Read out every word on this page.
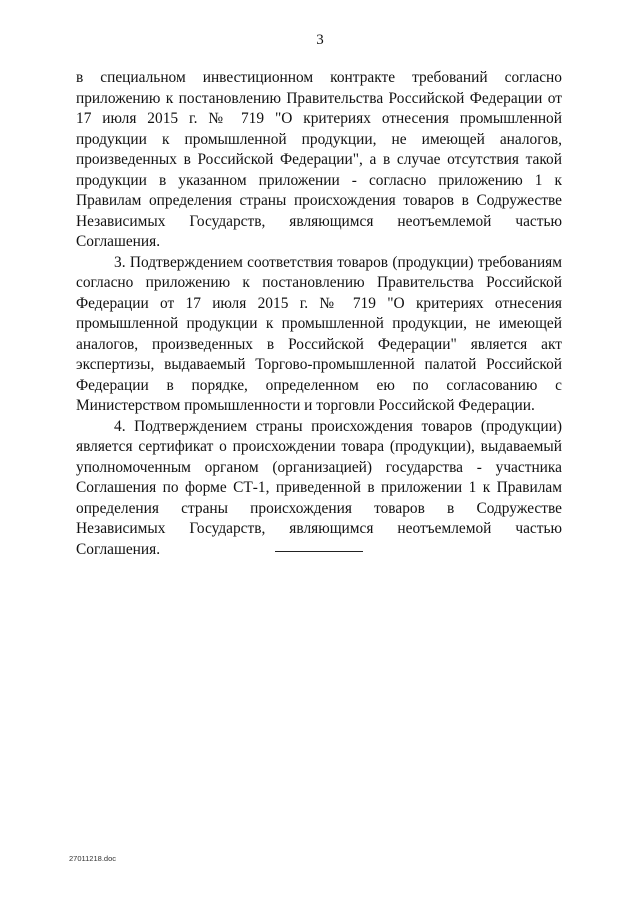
3

в специальном инвестиционном контракте требований согласно приложению к постановлению Правительства Российской Федерации от 17 июля 2015 г. № 719 "О критериях отнесения промышленной продукции к промышленной продукции, не имеющей аналогов, произведенных в Российской Федерации", а в случае отсутствия такой продукции в указанном приложении - согласно приложению 1 к Правилам определения страны происхождения товаров в Содружестве Независимых Государств, являющимся неотъемлемой частью Соглашения.

3. Подтверждением соответствия товаров (продукции) требованиям согласно приложению к постановлению Правительства Российской Федерации от 17 июля 2015 г. № 719 "О критериях отнесения промышленной продукции к промышленной продукции, не имеющей аналогов, произведенных в Российской Федерации" является акт экспертизы, выдаваемый Торгово-промышленной палатой Российской Федерации в порядке, определенном ею по согласованию с Министерством промышленности и торговли Российской Федерации.

4. Подтверждением страны происхождения товаров (продукции) является сертификат о происхождении товара (продукции), выдаваемый уполномоченным органом (организацией) государства - участника Соглашения по форме СТ-1, приведенной в приложении 1 к Правилам определения страны происхождения товаров в Содружестве Независимых Государств, являющимся неотъемлемой частью Соглашения.

27011218.doc
